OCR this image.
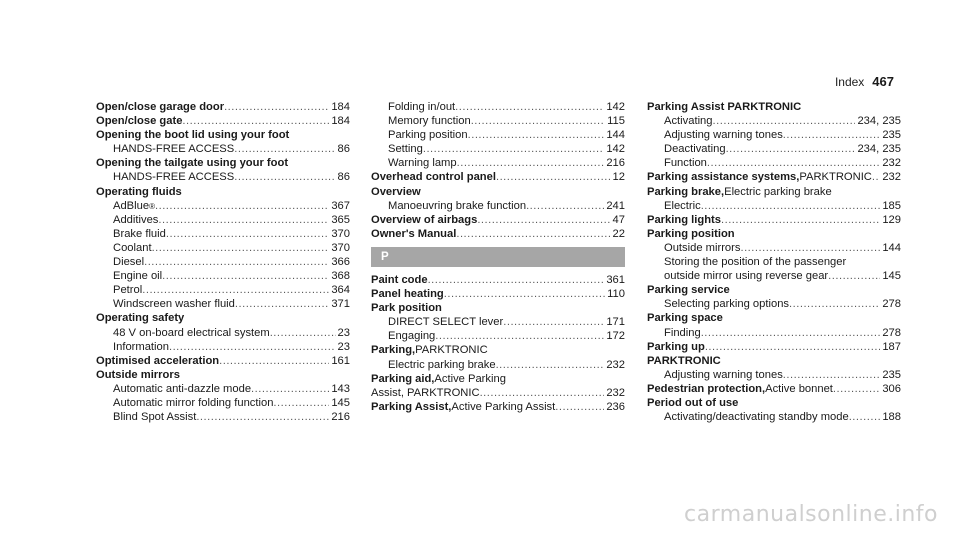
Index 467
Open/close garage door .....	184
Open/close gate .....	184
Opening the boot lid using your foot
HANDS-FREE ACCESS .....	86
Opening the tailgate using your foot
HANDS-FREE ACCESS .....	86
Operating fluids
AdBlue ® .....	367
Additives .....	365
Brake fluid .....	370
Coolant .....	370
Diesel .....	366
Engine oil .....	368
Petrol .....	364
Windscreen washer fluid .....	371
Operating safety
48 V on-board electrical system .....	23
Information .....	23
Optimised acceleration .....	161
Outside mirrors
Automatic anti-dazzle mode .....	143
Automatic mirror folding function .....	145
Blind Spot Assist .....	216
Folding in/out .....	142
Memory function .....	115
Parking position .....	144
Setting .....	142
Warning lamp .....	216
Overhead control panel .....	12
Overview
Manoeuvring brake function .....	241
Overview of airbags .....	47
Owner's Manual .....	22
P
Paint code .....	361
Panel heating .....	110
Park position
DIRECT SELECT lever .....	171
Engaging .....	172
Parking, PARKTRONIC
Electric parking brake .....	232
Parking aid, Active Parking
Assist, PARKTRONIC .....	232
Parking Assist, Active Parking Assist .....	236
Parking Assist PARKTRONIC
Activating .....	234, 235
Adjusting warning tones .....	235
Deactivating .....	234, 235
Function .....	232
Parking assistance systems, PARKTRONIC ..... 232
Parking brake, Electric parking brake
Electric .....	185
Parking lights .....	129
Parking position
Outside mirrors .....	144
Storing the position of the passenger
outside mirror using reverse gear .....	145
Parking service
Selecting parking options .....	278
Parking space
Finding .....	278
Parking up .....	187
PARKTRONIC
Adjusting warning tones .....	235
Pedestrian protection, Active bonnet .....	306
Period out of use
Activating/deactivating standby mode .....	188
carmanualsonline.info
